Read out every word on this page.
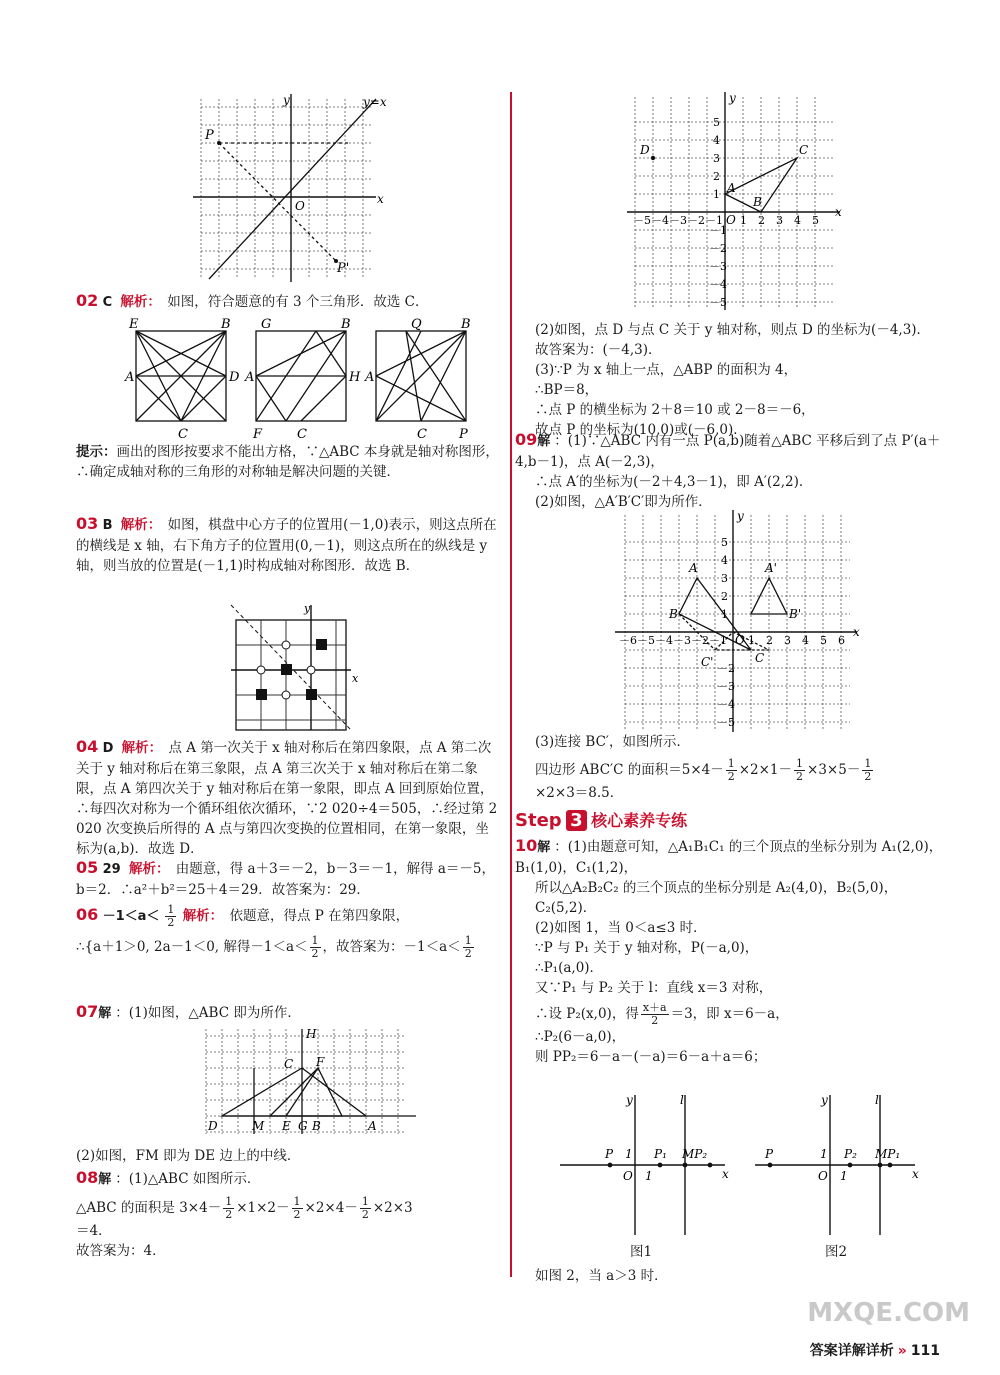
P
P'
O	x
y	y=x
02 C 解析： 如图，符合题意的有 3 个三角形．故选 C．
E	B
A	D
C
G	B
A	H
F	C
Q	B
A
C P
提示：画出的图形按要求不能出方格，∵△ABC 本身就是轴对称图形，∴确定成轴对称的三角形的对称轴是解决问题的关键．
03 B 解析： 如图，棋盘中心方子的位置用(－1,0)表示，则这点所在的横线是 x 轴，右下角方子的位置用(0,－1)，则这点所在的纵线是 y 轴，则当放的位置是(－1,1)时构成轴对称图形．故选 B．
y
x
04 D 解析： 点 A 第一次关于 x 轴对称后在第四象限，点 A 第二次关于 y 轴对称后在第三象限，点 A 第三次关于 x 轴对称后在第二象限，点 A 第四次关于 y 轴对称后在第一象限，即点 A 回到原始位置，∴每四次对称为一个循环组依次循环，∵2 020÷4＝505，∴经过第 2 020 次变换后所得的 A 点与第四次变换的位置相同，在第一象限，坐标为(a,b)．故选 D．
05 29 解析： 由题意，得 a＋3＝－2，b－3＝－1，解得 a＝－5，b＝2．∴a²＋b²＝25＋4＝29．故答案为：29．
$06 -1<a< \frac{1}{2}$ 解析： 依题意，得点 P 在第四象限，
∴{a＋1＞0, 2a－1＜0, 解得$-1<a< \frac{1}{2}$ ，故答案为：$-1<a< \frac{1}{2}$
07解 ：(1)如图，△ABC 即为所作．
D	M E G B	A
C F
H
(2)如图，FM 即为 DE 边上的中线．
08解 ：(1)△ABC 如图所示．
△ABC 的面积是 $3\times 4- \frac{1}{2} \times 1\times 2- \frac{1}{2} \times 2\times 4- \frac{1}{2} \times 2\times 3$
＝4．
故答案为：4．
－5 －4 －3 －2 －1 1 2 3 4 5
1
2
3
4
5
－1
－2
－3
－4
－5
D	C
A
B
O
x
y
(2)如图，点 D 与点 C 关于 y 轴对称，则点 D 的坐标为(－4,3)．
故答案为：(－4,3)．
(3)∵P 为 x 轴上一点，△ABP 的面积为 4，
∴BP＝8，
∴点 P 的横坐标为 2＋8＝10 或 2－8＝－6，
故点 P 的坐标为(10,0)或(－6,0)．
09解 ：(1)∵△ABC 内有一点 P(a,b)随着△ABC 平移后到了点 P′(a＋4,b－1)，点 A(－2,3)，
∴点 A′的坐标为(－2＋4,3－1)，即 A′(2,2)．
(2)如图，△A′B′C′即为所作．
－6 －5 －4 －3 －2 －1 1 2 3 4 5 6
1
2
3
4
5
－2
－3
－4
－5
A
B
C
A'
B'
C'
x
y
O
(3)连接 BC′，如图所示．
四边形 ABC′C 的面积$=5\times 4- \frac{1}{2} \times 2\times 1- \frac{1}{2} \times 3\times 5- \frac{1}{2}$
×2×3＝8.5．
Step 3 核心素养专练
10解 ：(1)由题意可知，△A₁B₁C₁ 的三个顶点的坐标分别为 A₁(2,0)，B₁(1,0)，C₁(1,2)，
所以△A₂B₂C₂ 的三个顶点的坐标分别是 A₂(4,0)，B₂(5,0)，C₂(5,2)．
(2)如图 1，当 0＜a≤3 时．
∵P 与 P₁ 关于 y 轴对称，P(－a,0)，
∴P₁(a,0)．
又∵P₁ 与 P₂ 关于 l：直线 x＝3 对称，
∴设 P₂(x,0)，得 $\frac{x+a}{2} =3$，即 x＝6－a，
∴P₂(6－a,0)，
则 PP₂＝6－a－(－a)＝6－a＋a＝6；
P	P₁ MP₂
O 1
1
y	l
x
P	P₂ MP₁
O 1
1
y	l
x
图1	图2
如图 2，当 a＞3 时．
答案详解详析 » 111
MXQE.COM
